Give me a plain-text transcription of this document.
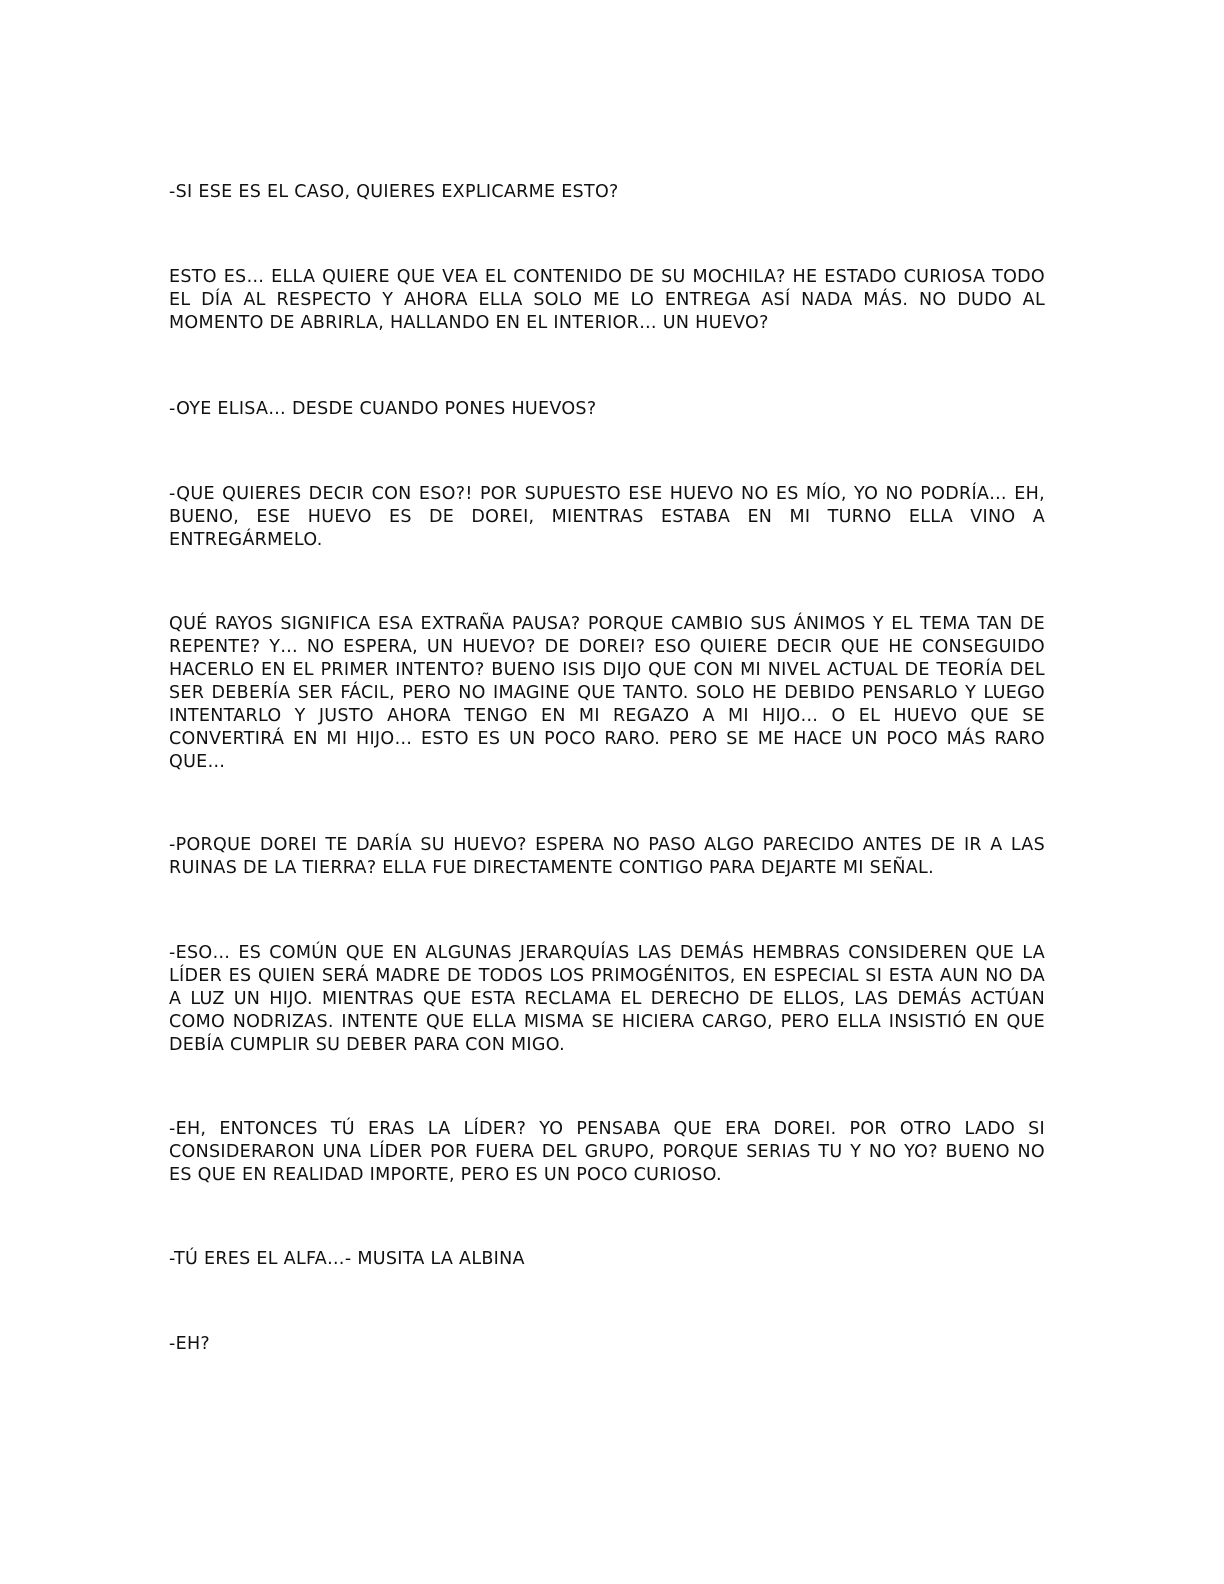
-SI ESE ES EL CASO, QUIERES EXPLICARME ESTO?

ESTO ES… ELLA QUIERE QUE VEA EL CONTENIDO DE SU MOCHILA? HE ESTADO CURIOSA TODO EL DÍA AL RESPECTO Y AHORA ELLA SOLO ME LO ENTREGA ASÍ NADA MÁS. NO DUDO AL MOMENTO DE ABRIRLA, HALLANDO EN EL INTERIOR… UN HUEVO?

-OYE ELISA… DESDE CUANDO PONES HUEVOS?

-QUE QUIERES DECIR CON ESO?! POR SUPUESTO ESE HUEVO NO ES MÍO, YO NO PODRÍA… EH, BUENO, ESE HUEVO ES DE DOREI, MIENTRAS ESTABA EN MI TURNO ELLA VINO A ENTREGÁRMELO.

QUÉ RAYOS SIGNIFICA ESA EXTRAÑA PAUSA? PORQUE CAMBIO SUS ÁNIMOS Y EL TEMA TAN DE REPENTE? Y… NO ESPERA, UN HUEVO? DE DOREI? ESO QUIERE DECIR QUE HE CONSEGUIDO HACERLO EN EL PRIMER INTENTO? BUENO ISIS DIJO QUE CON MI NIVEL ACTUAL DE TEORÍA DEL SER DEBERÍA SER FÁCIL, PERO NO IMAGINE QUE TANTO. SOLO HE DEBIDO PENSARLO Y LUEGO INTENTARLO Y JUSTO AHORA TENGO EN MI REGAZO A MI HIJO… O EL HUEVO QUE SE CONVERTIRÁ EN MI HIJO… ESTO ES UN POCO RARO. PERO SE ME HACE UN POCO MÁS RARO QUE…

-PORQUE DOREI TE DARÍA SU HUEVO? ESPERA NO PASO ALGO PARECIDO ANTES DE IR A LAS RUINAS DE LA TIERRA? ELLA FUE DIRECTAMENTE CONTIGO PARA DEJARTE MI SEÑAL.

-ESO… ES COMÚN QUE EN ALGUNAS JERARQUÍAS LAS DEMÁS HEMBRAS CONSIDEREN QUE LA LÍDER ES QUIEN SERÁ MADRE DE TODOS LOS PRIMOGÉNITOS, EN ESPECIAL SI ESTA AUN NO DA A LUZ UN HIJO. MIENTRAS QUE ESTA RECLAMA EL DERECHO DE ELLOS, LAS DEMÁS ACTÚAN COMO NODRIZAS. INTENTE QUE ELLA MISMA SE HICIERA CARGO, PERO ELLA INSISTIÓ EN QUE DEBÍA CUMPLIR SU DEBER PARA CON MIGO.

-EH, ENTONCES TÚ ERAS LA LÍDER? YO PENSABA QUE ERA DOREI. POR OTRO LADO SI CONSIDERARON UNA LÍDER POR FUERA DEL GRUPO, PORQUE SERIAS TU Y NO YO? BUENO NO ES QUE EN REALIDAD IMPORTE, PERO ES UN POCO CURIOSO.

-TÚ ERES EL ALFA…- MUSITA LA ALBINA

-EH?
